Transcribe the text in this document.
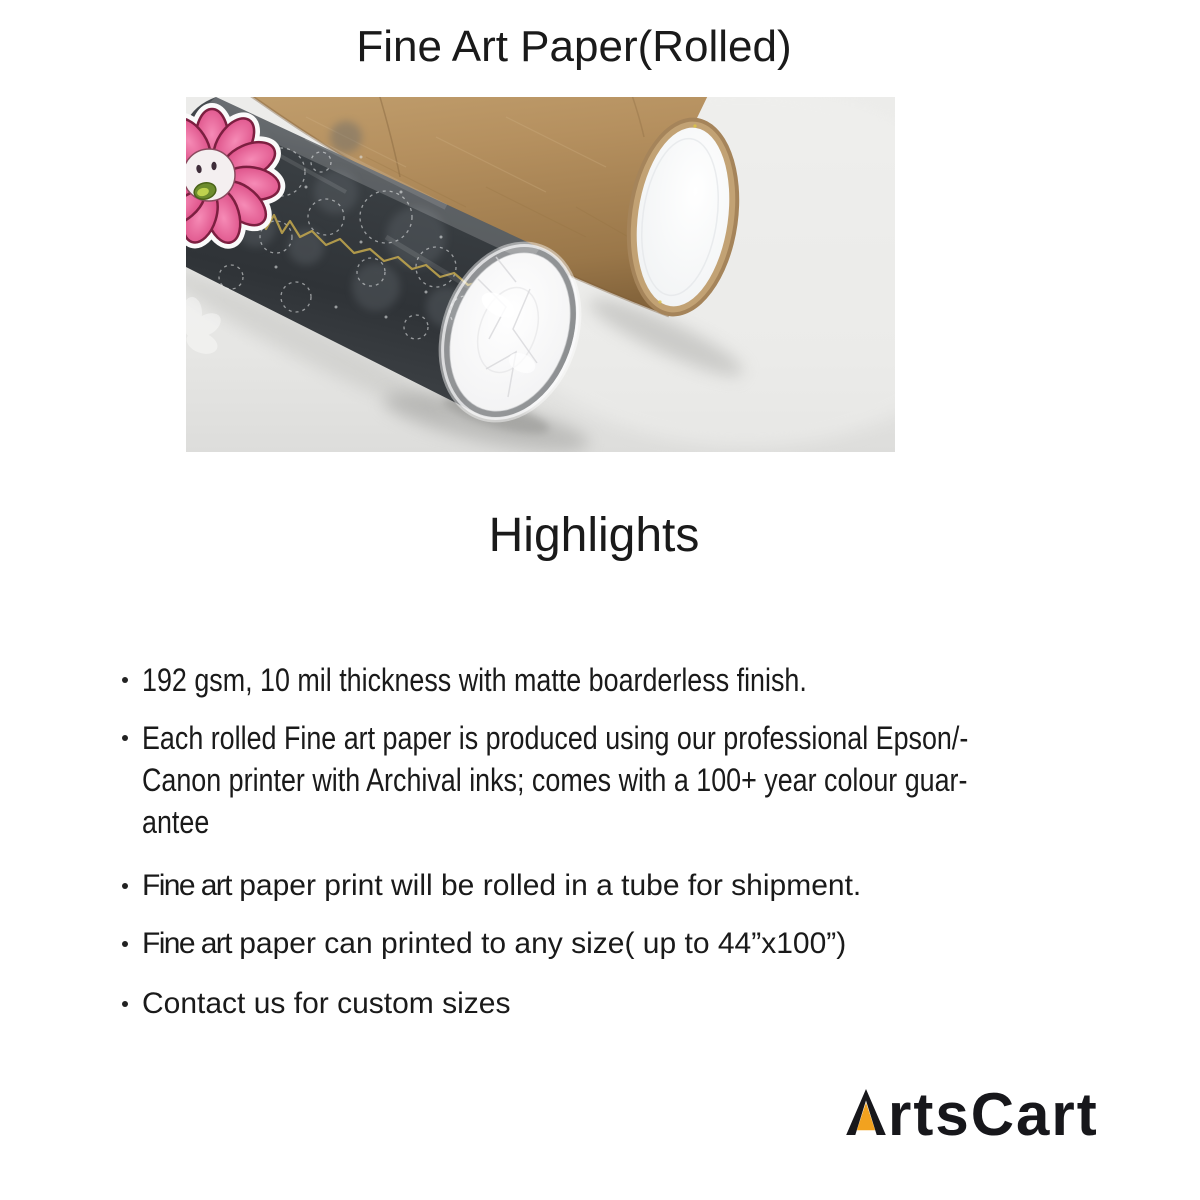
Fine Art Paper(Rolled)
Highlights
192 gsm, 10 mil thickness with matte boarderless finish.
Each rolled Fine art paper is produced using our professional Epson/-
Canon printer with Archival inks; comes with a 100+ year colour guar-
antee
Fine art paper print will be rolled in a tube for shipment.
Fine art paper can printed to any size( up to 44”x100”)
Contact us for custom sizes
rtsCart
